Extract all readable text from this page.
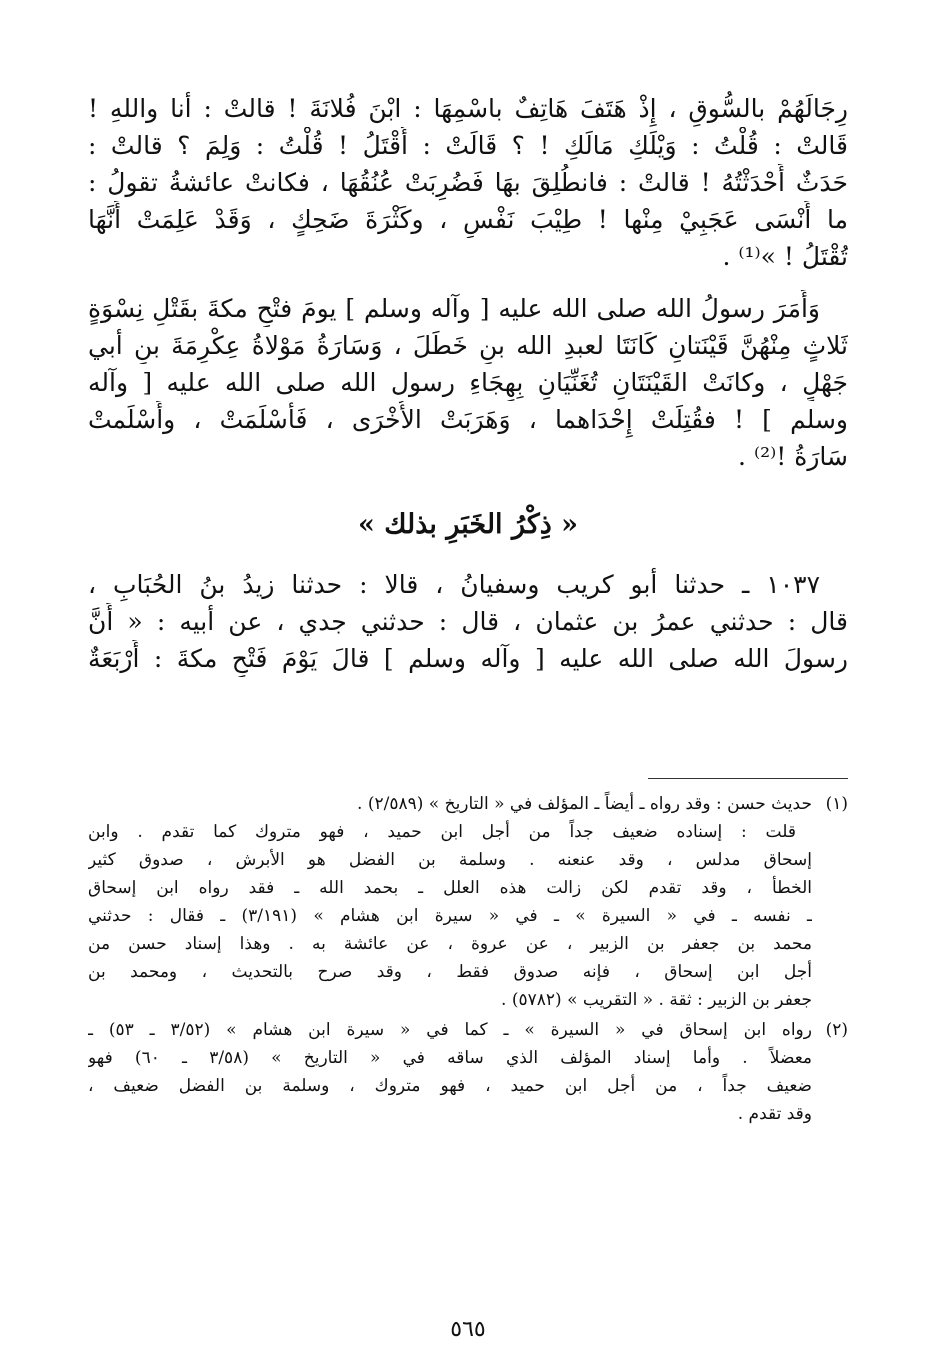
رِجَالَهُمْ بالسُّوقِ ، إِذْ هَتَفَ هَاتِفٌ باسْمِهَا : ابْنَ فُلانَةَ ! قالتْ : أنا واللهِ !
قَالتْ : قُلْتُ : وَيْلَكِ مَالَكِ ! ؟ قَالَتْ : أُقْتَلُ ! قُلْتُ : وَلِمَ ؟ قالتْ :
حَدَثٌ أَحْدَثْتُهُ ! قالتْ : فانطُلِقَ بهَا فَضُرِبَتْ عُنُقُهَا ، فكانتْ عائشةُ تقولُ :
ما أَنْسَى عَجَبِيْ مِنْها ! طِيْبَ نَفْسٍ ، وكَثْرَةَ ضَحِكٍ ، وَقَدْ عَلِمَتْ أَنَّهَا
تُقْتَلُ ! »⁽¹⁾ .
وَأَمَرَ رسولُ الله صلى الله عليه [ وآله وسلم ] يومَ فتْحِ مكةَ بقَتْلِ نِسْوَةٍ
ثَلاثٍ مِنْهُنَّ قَيْنَتانِ كَانَتَا لعبدِ الله بنِ خَطَلَ ، وَسَارَةُ مَوْلاةُ عِكْرِمَةَ بنِ أبي
جَهْلٍ ، وكانَتْ القَيْنَتَانِ تُغَنِّيَانِ بِهِجَاءِ رسول الله صلى الله عليه [ وآله
وسلم ] ! فقُتِلَتْ إِحْدَاهما ، وَهَرَبَتْ الأُخْرَى ، فَأَسْلَمَتْ ، وأَسْلَمتْ
سَارَةُ !⁽²⁾ .
« ذِكْرُ الخَبَرِ بذلك »
١٠٣٧ ـ حدثنا أبو كريب وسفيانُ ، قالا : حدثنا زيدُ بنُ الحُبَابِ ،
قال : حدثني عمرُ بن عثمان ، قال : حدثني جدي ، عن أبيه : « أَنَّ
رسولَ الله صلى الله عليه [ وآله وسلم ] قالَ يَوْمَ فَتْحِ مكةَ : أَرْبَعَةٌ
(١)
حديث حسن : وقد رواه ـ أيضاً ـ المؤلف في « التاريخ » (٢/٥٨٩) .
قلت : إسناده ضعيف جداً من أجل ابن حميد ، فهو متروك كما تقدم . وابن
إسحاق مدلس ، وقد عنعنه . وسلمة بن الفضل هو الأبرش ، صدوق كثير
الخطأ ، وقد تقدم لكن زالت هذه العلل ـ بحمد الله ـ فقد رواه ابن إسحاق
ـ نفسه ـ في « السيرة » ـ في « سيرة ابن هشام » (٣/١٩١) ـ فقال : حدثني
محمد بن جعفر بن الزبير ، عن عروة ، عن عائشة به . وهذا إسناد حسن من
أجل ابن إسحاق ، فإنه صدوق فقط ، وقد صرح بالتحديث ، ومحمد بن
جعفر بن الزبير : ثقة . « التقريب » (٥٧٨٢) .
(٢)
رواه ابن إسحاق في « السيرة » ـ كما في « سيرة ابن هشام » (٣/٥٢ ـ ٥٣) ـ
معضلاً . وأما إسناد المؤلف الذي ساقه في « التاريخ » (٣/٥٨ ـ ٦٠) فهو
ضعيف جداً ، من أجل ابن حميد ، فهو متروك ، وسلمة بن الفضل ضعيف ،
وقد تقدم .
٥٦٥
